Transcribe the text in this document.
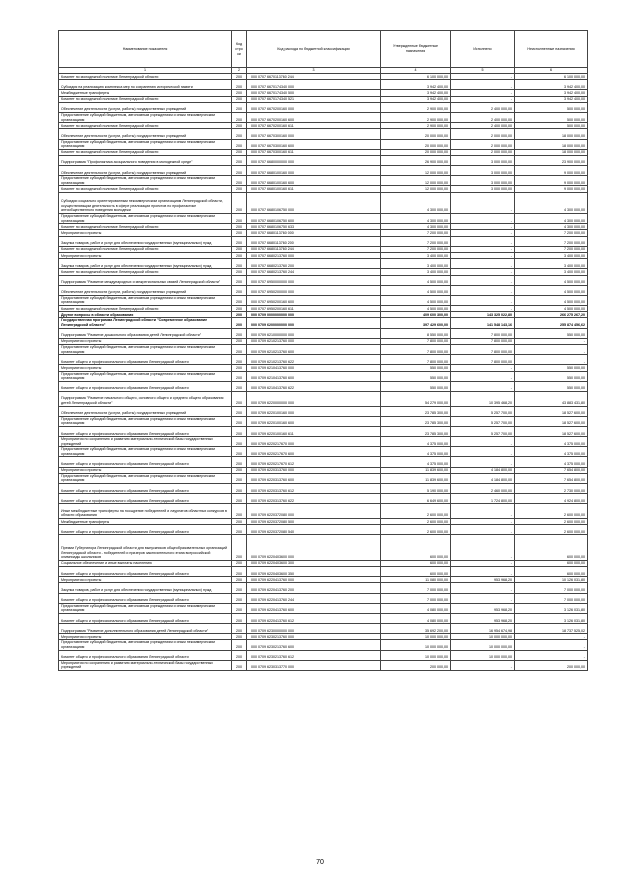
Наименование показателя	Код стро ки	Код расхода по бюджетной классификации	Утвержденные бюджетные назначения	Исполнено	Неисполненные назначения
1	2	3	4	5	6
Комитет по молодежной политике Ленинградской области	200	000 0707 6670113760 244	6 100 000,00	-	6 100 000,00
Субсидия на реализацию комплекса мер по сохранению исторической памяти	200	000 0707 6670174340 000	3 942 400,00	-	3 942 400,00
Межбюджетные трансферты	200	000 0707 6670174340 500	3 942 400,00	-	3 942 400,00
Комитет по молодежной политике Ленинградской области	200	000 0707 6670174340 521	3 942 400,00	-	3 942 400,00
Обеспечение деятельности (услуги, работы) государственных учреждений	200	000 0707 6670200160 000	2 900 000,00	2 400 000,00	500 000,00
Предоставление субсидий бюджетным, автономным учреждениям и иным некоммерческим организациям	200	000 0707 6670200160 600	2 900 000,00	2 400 000,00	500 000,00
Комитет по молодежной политике Ленинградской области	200	000 0707 6670200160 611	2 900 000,00	2 400 000,00	500 000,00
Обеспечение деятельности (услуги, работы) государственных учреждений	200	000 0707 6670300160 000	20 000 000,00	2 000 000,00	18 000 000,00
Предоставление субсидий бюджетным, автономным учреждениям и иным некоммерческим организациям	200	000 0707 6670300160 600	20 000 000,00	2 000 000,00	18 000 000,00
Комитет по молодежной политике Ленинградской области	200	000 0707 6670300160 611	20 000 000,00	2 000 000,00	18 000 000,00
Подпрограмма "Профилактика асоциального поведения в молодежной среде"	200	000 0707 6680000000 000	26 900 000,00	3 000 000,00	23 900 000,00
Обеспечение деятельности (услуги, работы) государственных учреждений	200	000 0707 6680100160 000	12 000 000,00	3 000 000,00	9 000 000,00
Предоставление субсидий бюджетным, автономным учреждениям и иным некоммерческим организациям	200	000 0707 6680100160 600	12 000 000,00	3 000 000,00	9 000 000,00
Комитет по молодежной политике Ленинградской области	200	000 0707 6680100160 611	12 000 000,00	3 000 000,00	9 000 000,00
Субсидии социально ориентированным некоммерческим организациям Ленинградской области, осуществляющим деятельность в сфере реализации проектов по профилактике антиобщественного поведения молодежи	200	000 0707 6680106750 000	4 300 000,00	-	4 300 000,00
Предоставление субсидий бюджетным, автономным учреждениям и иным некоммерческим организациям	200	000 0707 6680106750 600	4 300 000,00	-	4 300 000,00
Комитет по молодежной политике Ленинградской области	200	000 0707 6680106750 633	4 300 000,00	-	4 300 000,00
Мероприятия и проекты	200	000 0707 6680113760 000	7 200 000,00	-	7 200 000,00
Закупка товаров, работ и услуг для обеспечения государственных (муниципальных) нужд	200	000 0707 6680113760 200	7 200 000,00	-	7 200 000,00
Комитет по молодежной политике Ленинградской области	200	000 0707 6680113760 244	7 200 000,00	-	7 200 000,00
Мероприятия и проекты	200	000 0707 6680213760 000	3 400 000,00	-	3 400 000,00
Закупка товаров, работ и услуг для обеспечения государственных (муниципальных) нужд	200	000 0707 6680213760 200	3 400 000,00	-	3 400 000,00
Комитет по молодежной политике Ленинградской области	200	000 0707 6680213760 244	3 400 000,00	-	3 400 000,00
Подпрограмма "Развитие международных и межрегиональных связей Ленинградской области"	200	000 0707 6950000000 000	4 500 000,00	-	4 500 000,00
Обеспечение деятельности (услуги, работы) государственных учреждений	200	000 0707 6950200000 000	4 500 000,00	-	4 500 000,00
Предоставление субсидий бюджетным, автономным учреждениям и иным некоммерческим организациям	200	000 0707 6950200160 600	4 500 000,00	-	4 500 000,00
Комитет по молодежной политике Ленинградской области	200	000 0707 6950200160 611	4 500 000,00	-	4 500 000,00
Другие вопросы в области образования	200	000 0709 0000000000 000	409 600 300,00	143 325 022,80	266 275 267,20
Государственная программа Ленинградской области "Современное образование Ленинградской области"	200	000 0709 6200000000 000	397 429 600,00	141 548 143,16	255 874 456,62
Подпрограмма "Развитие дошкольного образования детей Ленинградской области"	200	000 0709 6210000000 000	8 550 000,00	7 800 000,00	550 000,00
Мероприятия и проекты	200	000 0709 6210213760 000	7 800 000,00	7 800 000,00	-
Предоставление субсидий бюджетным, автономным учреждениям и иным некоммерческим организациям	200	000 0709 6210213760 600	7 800 000,00	7 800 000,00	-
Комитет общего и профессионального образования Ленинградской области	200	000 0709 6210213760 622	7 800 000,00	7 800 000,00	-
Мероприятия и проекты	200	000 0709 6210413760 000	550 000,00	-	550 000,00
Предоставление субсидий бюджетным, автономным учреждениям и иным некоммерческим организациям	200	000 0709 6210413760 600	550 000,00	-	550 000,00
Комитет общего и профессионального образования Ленинградской области	200	000 0709 6210413760 622	550 000,00	-	550 000,00
Подпрограмма "Развитие начального общего, основного общего и среднего общего образования детей Ленинградской области"	200	000 0709 6220000000 000	54 279 000,00	10 395 468,20	43 883 431,80
Обеспечение деятельности (услуги, работы) государственных учреждений	200	000 0709 6220100160 000	23 785 300,00	5 257 700,00	18 527 600,00
Предоставление субсидий бюджетным, автономным учреждениям и иным некоммерческим организациям	200	000 0709 6220100160 600	23 785 300,00	5 257 700,00	18 527 600,00
Комитет общего и профессионального образования Ленинградской области	200	000 0709 6220100160 611	23 785 300,00	5 257 700,00	18 527 600,00
Мероприятия по сохранению и развитию материально-технической базы государственных учреждений	200	000 0709 6220217670 000	4 375 000,00	-	4 375 000,00
Предоставление субсидий бюджетным, автономным учреждениям и иным некоммерческим организациям	200	000 0709 6220217670 600	4 375 000,00	-	4 375 000,00
Комитет общего и профессионального образования Ленинградской области	200	000 0709 6220217670 612	4 375 000,00	-	4 375 000,00
Мероприятия и проекты	200	000 0709 6220313760 000	11 839 600,00	4 184 800,00	7 654 800,00
Предоставление субсидий бюджетным, автономным учреждениям и иным некоммерческим организациям	200	000 0709 6220313760 600	11 839 600,00	4 184 800,00	7 654 800,00
Комитет общего и профессионального образования Ленинградской области	200	000 0709 6220313760 612	5 190 000,00	2 460 000,00	2 730 000,00
Комитет общего и профессионального образования Ленинградской области	200	000 0709 6220313760 622	6 649 600,00	1 724 800,00	4 924 800,00
Иные межбюджетные трансферты на поощрение победителей и лауреатов областных конкурсов в области образования	200	000 0709 6220372080 000	2 600 000,00	-	2 600 000,00
Межбюджетные трансферты	200	000 0709 6220372080 500	2 600 000,00	-	2 600 000,00
Комитет общего и профессионального образования Ленинградской области	200	000 0709 6220372080 540	2 600 000,00	-	2 600 000,00
Премии Губернатора Ленинградской области для выпускников общеобразовательных организаций Ленинградской области - победителей и призеров заключительного этапа всероссийской олимпиады школьников	200	000 0709 6220403600 000	600 000,00	-	600 000,00
Социальное обеспечение и иные выплаты населению	200	000 0709 6220403600 300	600 000,00	-	600 000,00
Комитет общего и профессионального образования Ленинградской области	200	000 0709 6220403600 350	600 000,00	-	600 000,00
Мероприятия и проекты	200	000 0709 6220413760 000	11 080 000,00	953 968,20	10 126 031,80
Закупка товаров, работ и услуг для обеспечения государственных (муниципальных) нужд	200	000 0709 6220413760 200	7 000 000,00	-	7 000 000,00
Комитет общего и профессионального образования Ленинградской области	200	000 0709 6220413760 244	7 000 000,00	-	7 000 000,00
Предоставление субсидий бюджетным, автономным учреждениям и иным некоммерческим организациям	200	000 0709 6220413760 600	4 080 000,00	953 968,20	3 126 031,80
Комитет общего и профессионального образования Ленинградской области	200	000 0709 6220413760 612	4 080 000,00	953 968,20	3 126 031,80
Подпрограмма "Развитие дополнительного образования детей Ленинградской области"	200	000 0709 6230000000 000	35 692 200,00	16 954 674,98	18 737 525,02
Мероприятия и проекты	200	000 0709 6230213760 000	10 000 000,00	10 000 000,00	-
Предоставление субсидий бюджетным, автономным учреждениям и иным некоммерческим организациям	200	000 0709 6230213760 600	10 000 000,00	10 000 000,00	-
Комитет общего и профессионального образования Ленинградской области	200	000 0709 6230213760 612	10 000 000,00	10 000 000,00	-
Мероприятия по сохранению и развитию материально-технической базы государственных учреждений	200	000 0709 6230313770 000	200 000,00	-	200 000,00
70
